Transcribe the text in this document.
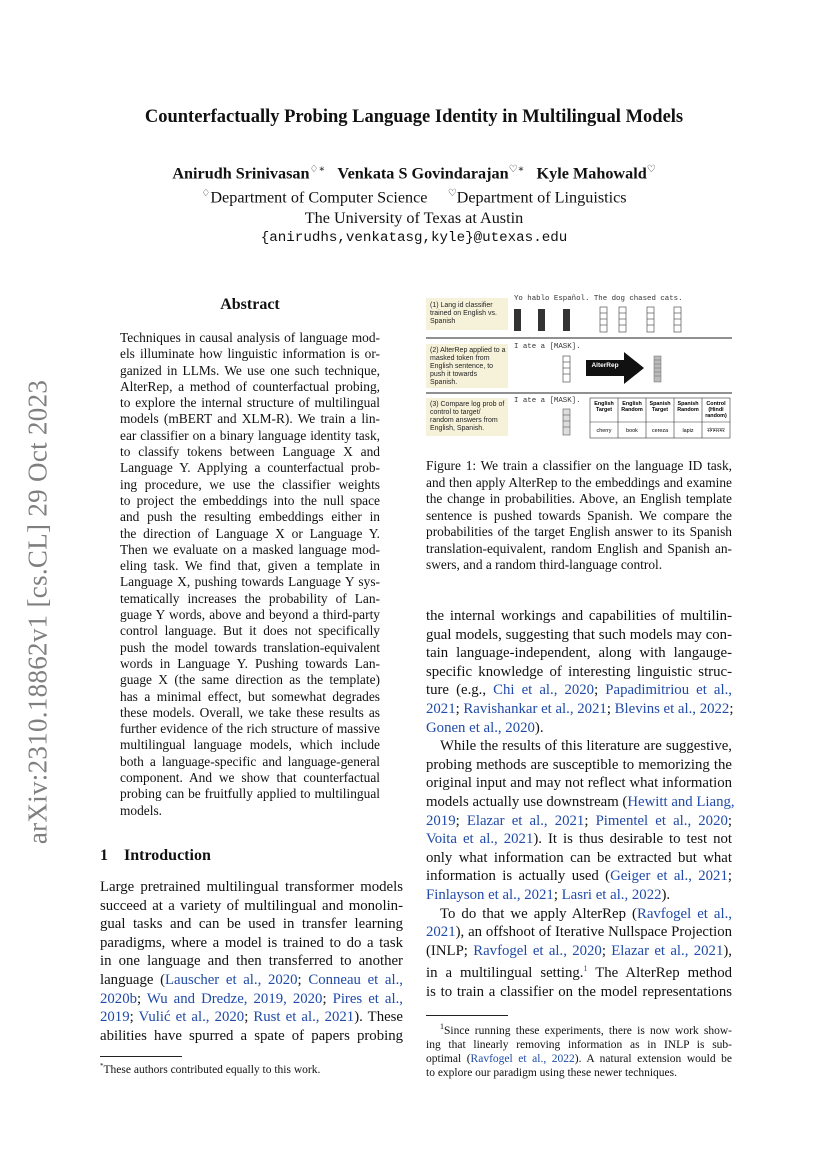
arXiv:2310.18862v1 [cs.CL] 29 Oct 2023
Counterfactually Probing Language Identity in Multilingual Models
Anirudh Srinivasan♢∗ Venkata S Govindarajan♡∗ Kyle Mahowald♡
♢Department of Computer Science ♡Department of Linguistics
The University of Texas at Austin
{anirudhs,venkatasg,kyle}@utexas.edu
Abstract
Techniques in causal analysis of language mod-
els illuminate how linguistic information is or-
ganized in LLMs. We use one such technique,
AlterRep, a method of counterfactual probing,
to explore the internal structure of multilingual
models (mBERT and XLM-R). We train a lin-
ear classifier on a binary language identity task,
to classify tokens between Language X and
Language Y. Applying a counterfactual prob-
ing procedure, we use the classifier weights
to project the embeddings into the null space
and push the resulting embeddings either in
the direction of Language X or Language Y.
Then we evaluate on a masked language mod-
eling task. We find that, given a template in
Language X, pushing towards Language Y sys-
tematically increases the probability of Lan-
guage Y words, above and beyond a third-party
control language. But it does not specifically
push the model towards translation-equivalent
words in Language Y. Pushing towards Lan-
guage X (the same direction as the template)
has a minimal effect, but somewhat degrades
these models. Overall, we take these results as
further evidence of the rich structure of massive
multilingual language models, which include
both a language-specific and language-general
component. And we show that counterfactual
probing can be fruitfully applied to multilingual
models.
1 Introduction
Large pretrained multilingual transformer models
succeed at a variety of multilingual and monolin-
gual tasks and can be used in transfer learning
paradigms, where a model is trained to do a task
in one language and then transferred to another
language (Lauscher et al., 2020; Conneau et al.,
2020b; Wu and Dredze, 2019, 2020; Pires et al.,
2019; Vulić et al., 2020; Rust et al., 2021). These
abilities have spurred a spate of papers probing
*These authors contributed equally to this work.
(1) Lang id classifier trained on English vs. Spanish
Yo hablo Español. The dog chased cats.
(2) AlterRep applied to a masked token from English sentence, to push it towards Spanish.
I ate a [MASK].
(3) Compare log prob of control to target/ random answers from English, Spanish.
I ate a [MASK].	English
Target
cherry
English
Random
book
Spanish
Target
cereza
Spanish
Random
lapiz
Control
(Hindi
random)
संगमरमर
AlterRep
Figure 1: We train a classifier on the language ID task,
and then apply AlterRep to the embeddings and examine
the change in probabilities. Above, an English template
sentence is pushed towards Spanish. We compare the
probabilities of the target English answer to its Spanish
translation-equivalent, random English and Spanish an-
swers, and a random third-language control.
the internal workings and capabilities of multilin-
gual models, suggesting that such models may con-
tain language-independent, along with langauge-
specific knowledge of interesting linguistic struc-
ture (e.g., Chi et al., 2020; Papadimitriou et al.,
2021; Ravishankar et al., 2021; Blevins et al., 2022;
Gonen et al., 2020).
While the results of this literature are suggestive,
probing methods are susceptible to memorizing the
original input and may not reflect what information
models actually use downstream (Hewitt and Liang,
2019; Elazar et al., 2021; Pimentel et al., 2020;
Voita et al., 2021). It is thus desirable to test not
only what information can be extracted but what
information is actually used (Geiger et al., 2021;
Finlayson et al., 2021; Lasri et al., 2022).
To do that we apply AlterRep (Ravfogel et al.,
2021), an offshoot of Iterative Nullspace Projection
(INLP; Ravfogel et al., 2020; Elazar et al., 2021),
in a multilingual setting.$^1$ The AlterRep method
is to train a classifier on the model representations
$^1$Since running these experiments, there is now work show-
ing that linearly removing information as in INLP is sub-
optimal (Ravfogel et al., 2022). A natural extension would be
to explore our paradigm using these newer techniques.
